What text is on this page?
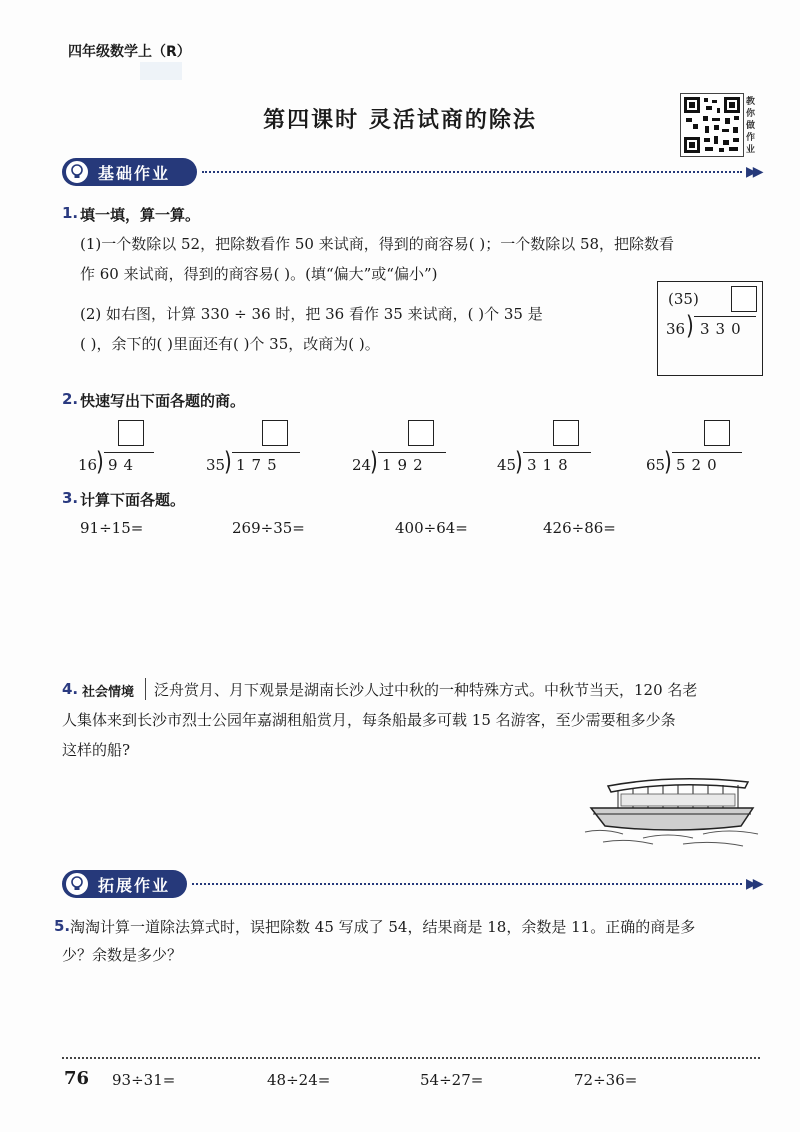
四年级数学上（R）
第四课时 灵活试商的除法
教你做作业
基础作业	▶▶
1. 填一填，算一算。
(1)一个数除以 52，把除数看作 50 来试商，得到的商容易( )；一个数除以 58，把除数看
作 60 来试商，得到的商容易( )。(填“偏大”或“偏小”)
(2) 如右图，计算 330 ÷ 36 时，把 36 看作 35 来试商，( )个 35 是
( )，余下的( )里面还有( )个 35，改商为( )。
(35)
36 ) 330
2. 快速写出下面各题的商。
16
) 94	35
) 175	24
) 192	45
) 318	65
) 520
3. 计算下面各题。
91÷15=	269÷35=	400÷64=	426÷86=
4. 社会情境 泛舟赏月、月下观景是湖南长沙人过中秋的一种特殊方式。中秋节当天，120 名老
人集体来到长沙市烈士公园年嘉湖租船赏月，每条船最多可载 15 名游客，至少需要租多少条
这样的船?
拓展作业	▶▶
5. 淘淘计算一道除法算式时，误把除数 45 写成了 54，结果商是 18，余数是 11。正确的商是多
少？余数是多少？
76 93÷31=	48÷24=	54÷27=	72÷36=
